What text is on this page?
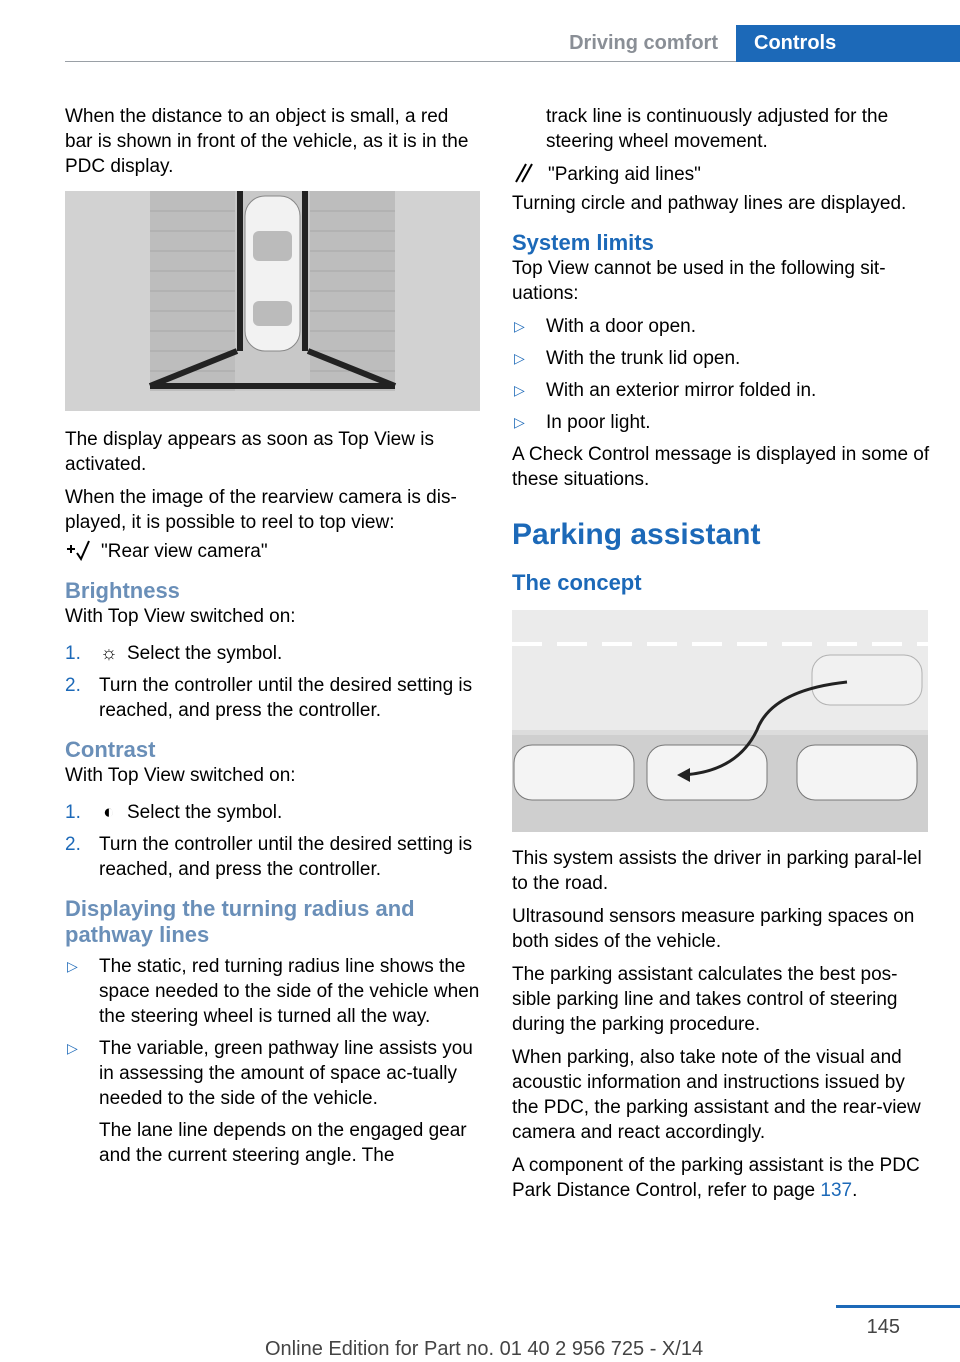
Driving comfort	Controls

When the distance to an object is small, a red bar is shown in front of the vehicle, as it is in the PDC display.

The display appears as soon as Top View is activated.

When the image of the rearview camera is dis‐played, it is possible to reel to top view:

"Rear view camera"

Brightness

With Top View switched on:

1. ☼ Select the symbol.
2. Turn the controller until the desired setting is reached, and press the controller.
Contrast

With Top View switched on:

1. ◐ Select the symbol.
2. Turn the controller until the desired setting is reached, and press the controller.
Displaying the turning radius and pathway lines
▷ The static, red turning radius line shows the space needed to the side of the vehicle when the steering wheel is turned all the way.
▷ The variable, green pathway line assists you in assessing the amount of space ac‐tually needed to the side of the vehicle.
The lane line depends on the engaged gear and the current steering angle. The

track line is continuously adjusted for the steering wheel movement.

"Parking aid lines"

Turning circle and pathway lines are displayed.

System limits

Top View cannot be used in the following sit‐uations:

▷ With a door open.
▷ With the trunk lid open.
▷ With an exterior mirror folded in.
▷ In poor light.

A Check Control message is displayed in some of these situations.

Parking assistant
The concept

This system assists the driver in parking paral‐lel to the road.

Ultrasound sensors measure parking spaces on both sides of the vehicle.

The parking assistant calculates the best pos‐sible parking line and takes control of steering during the parking procedure.

When parking, also take note of the visual and acoustic information and instructions issued by the PDC, the parking assistant and the rear‐view camera and react accordingly.

A component of the parking assistant is the PDC Park Distance Control, refer to page 137.

145
Online Edition for Part no. 01 40 2 956 725 - X/14
